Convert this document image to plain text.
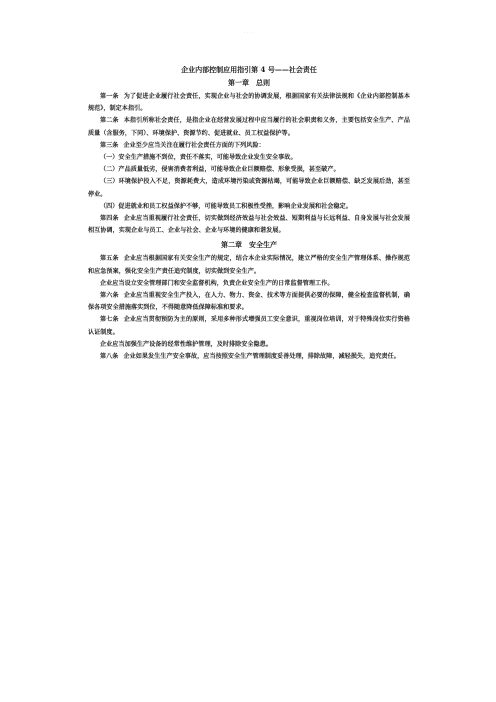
· · ·
企业内部控制应用指引第 4 号——社会责任
第一章　总则

第一条 为了促进企业履行社会责任，实现企业与社会的协调发展，根据国家有关法律法规和《企业内部控制基本规范》，制定本指引。

第二条 本指引所称社会责任，是指企业在经营发展过程中应当履行的社会职责和义务，主要包括安全生产、产品质量（含服务，下同）、环境保护、资源节约、促进就业、员工权益保护等。

第三条 企业至少应当关注在履行社会责任方面的下列风险：

（一）安全生产措施不到位，责任不落实，可能导致企业发生安全事故。

（二）产品质量低劣，侵害消费者利益，可能导致企业巨额赔偿、形象受损，甚至破产。

（三）环境保护投入不足，资源耗费大，造成环境污染或资源枯竭，可能导致企业巨额赔偿、缺乏发展后劲，甚至停业。

（四）促进就业和员工权益保护不够，可能导致员工积极性受挫，影响企业发展和社会稳定。

第四条 企业应当重视履行社会责任，切实做到经济效益与社会效益、短期利益与长远利益、自身发展与社会发展相互协调，实现企业与员工、企业与社会、企业与环境的健康和谐发展。

第二章　安全生产

第五条 企业应当根据国家有关安全生产的规定，结合本企业实际情况，建立严格的安全生产管理体系、操作规范和应急预案，强化安全生产责任追究制度，切实做到安全生产。

企业应当设立安全管理部门和安全监督机构，负责企业安全生产的日常监督管理工作。

第六条 企业应当重视安全生产投入，在人力、物力、资金、技术等方面提供必要的保障，健全检查监督机制，确保各项安全措施落实到位，不得随意降低保障标准和要求。

第七条 企业应当贯彻预防为主的原则，采用多种形式增强员工安全意识，重视岗位培训，对于特殊岗位实行资格认证制度。

企业应当加强生产设备的经常性维护管理，及时排除安全隐患。

第八条 企业如果发生生产安全事故，应当按照安全生产管理制度妥善处理，排除故障，减轻损失，追究责任。
